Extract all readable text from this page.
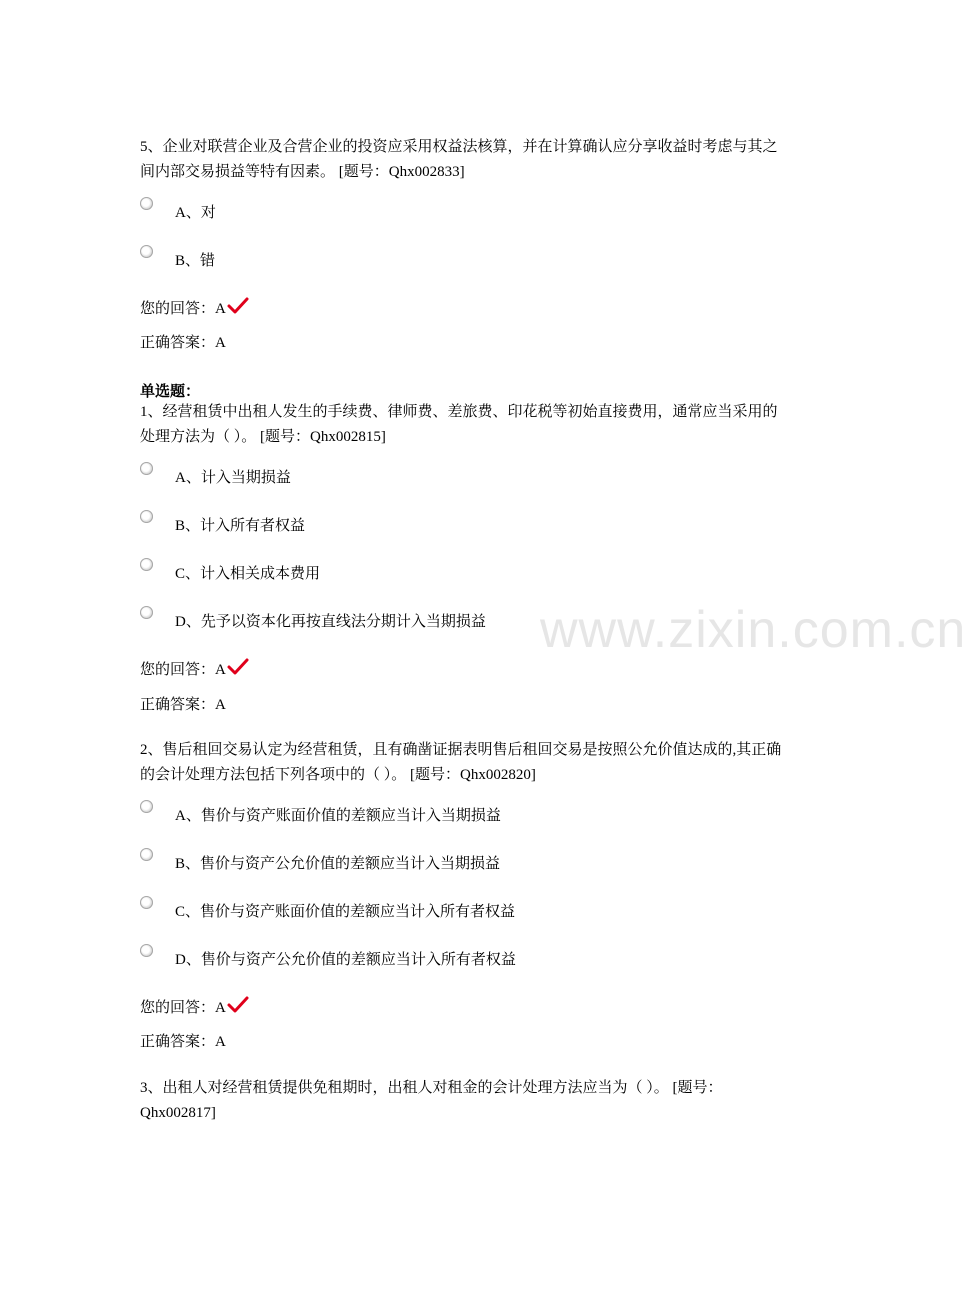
www.zixin.com.cn
5、企业对联营企业及合营企业的投资应采用权益法核算，并在计算确认应分享收益时考虑与其之间内部交易损益等特有因素。 [题号：Qhx002833]
A、对
B、错
您的回答：A
正确答案：A
单选题：
1、经营租赁中出租人发生的手续费、律师费、差旅费、印花税等初始直接费用，通常应当采用的处理方法为（ ）。 [题号：Qhx002815]
A、计入当期损益
B、计入所有者权益
C、计入相关成本费用
D、先予以资本化再按直线法分期计入当期损益
您的回答：A
正确答案：A
2、售后租回交易认定为经营租赁，且有确凿证据表明售后租回交易是按照公允价值达成的,其正确的会计处理方法包括下列各项中的（ ）。 [题号：Qhx002820]
A、售价与资产账面价值的差额应当计入当期损益
B、售价与资产公允价值的差额应当计入当期损益
C、售价与资产账面价值的差额应当计入所有者权益
D、售价与资产公允价值的差额应当计入所有者权益
您的回答：A
正确答案：A
3、出租人对经营租赁提供免租期时，出租人对租金的会计处理方法应当为（ ）。 [题号：Qhx002817]
